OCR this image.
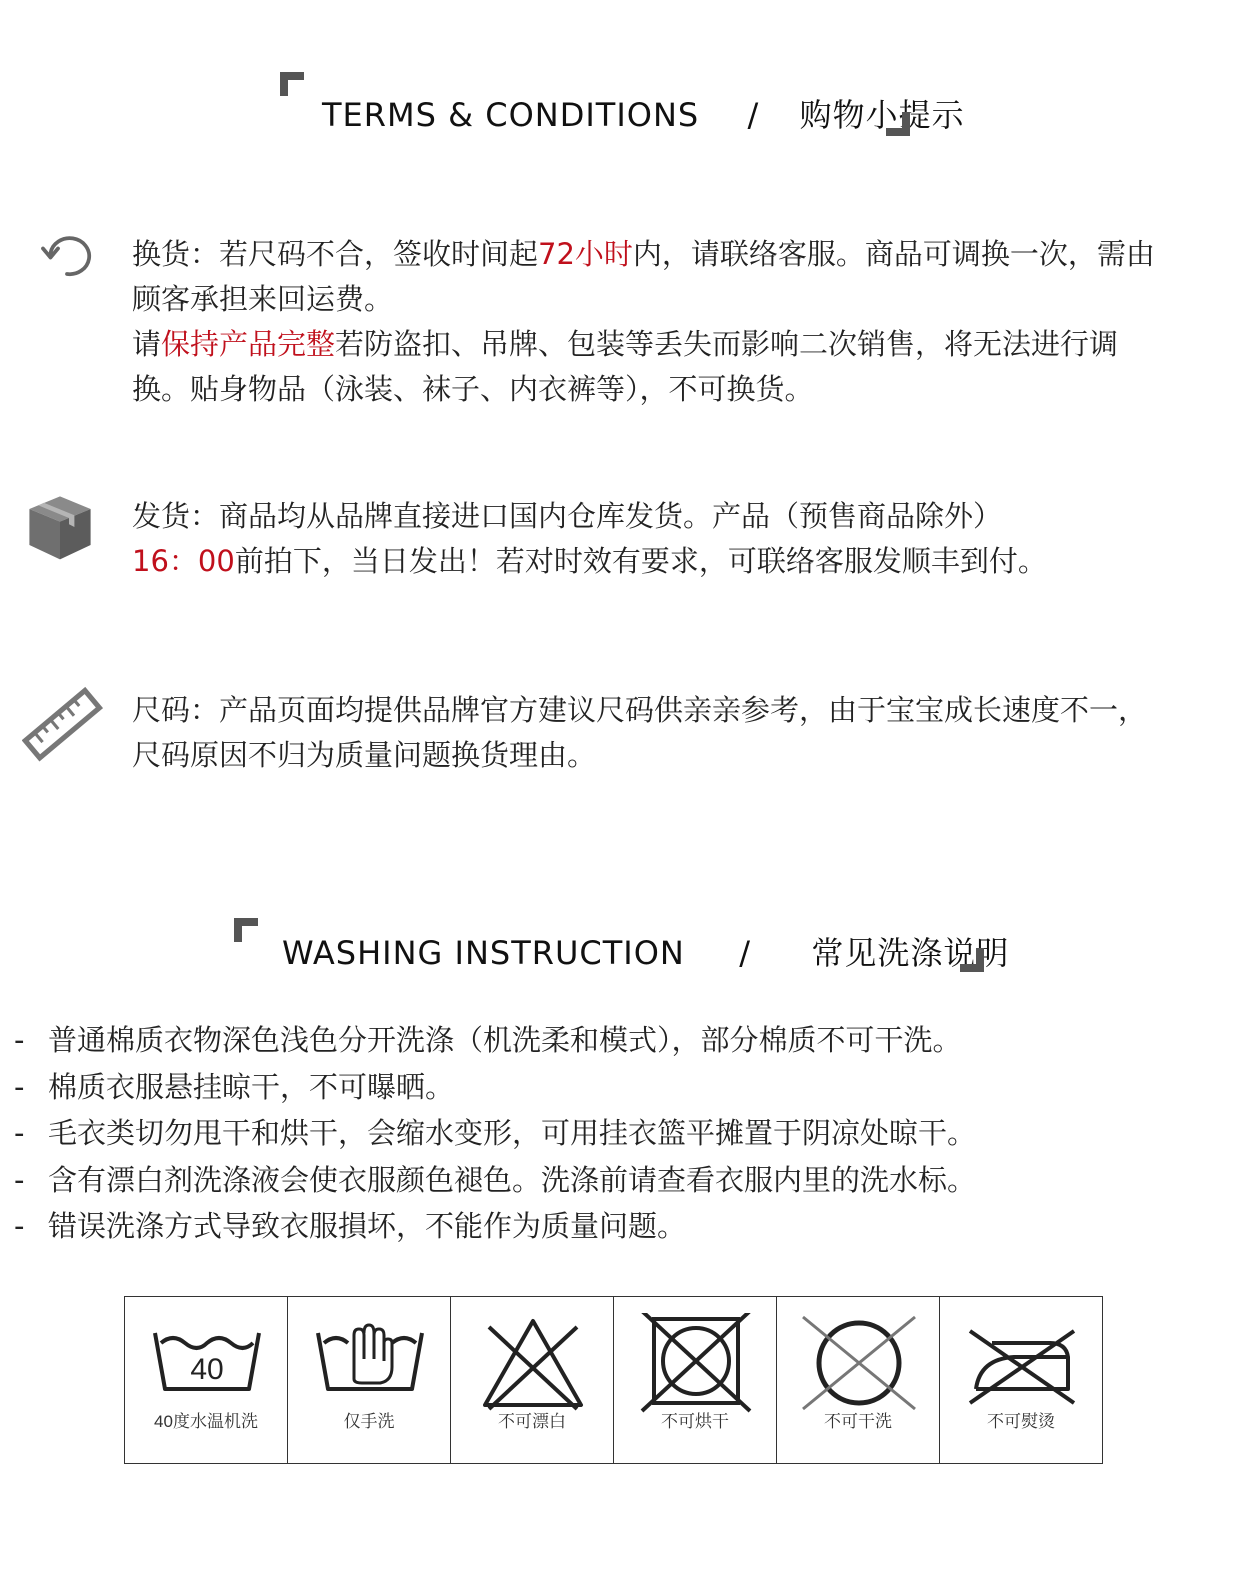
TERMS & CONDITIONS / 购物小提示
换货：若尺码不合，签收时间起72小时内，请联络客服。商品可调换一次，需由顾客承担来回运费。
请保持产品完整若防盗扣、吊牌、包装等丢失而影响二次销售，将无法进行调换。贴身物品（泳装、袜子、内衣裤等），不可换货。
发货：商品均从品牌直接进口国内仓库发货。产品（预售商品除外）
16：00前拍下，当日发出！若对时效有要求，可联络客服发顺丰到付。
尺码：产品页面均提供品牌官方建议尺码供亲亲参考，由于宝宝成长速度不一，尺码原因不归为质量问题换货理由。
WASHING INSTRUCTION / 常见洗涤说明
- 普通棉质衣物深色浅色分开洗涤（机洗柔和模式），部分棉质不可干洗。
- 棉质衣服悬挂晾干，不可曝晒。
- 毛衣类切勿甩干和烘干，会缩水变形，可用挂衣篮平摊置于阴凉处晾干。
- 含有漂白剂洗涤液会使衣服颜色褪色。洗涤前请查看衣服内里的洗水标。
- 错误洗涤方式导致衣服損坏，不能作为质量问题。
40
40度水温机洗	仅手洗	不可漂白	不可烘干	不可干洗	不可熨烫
